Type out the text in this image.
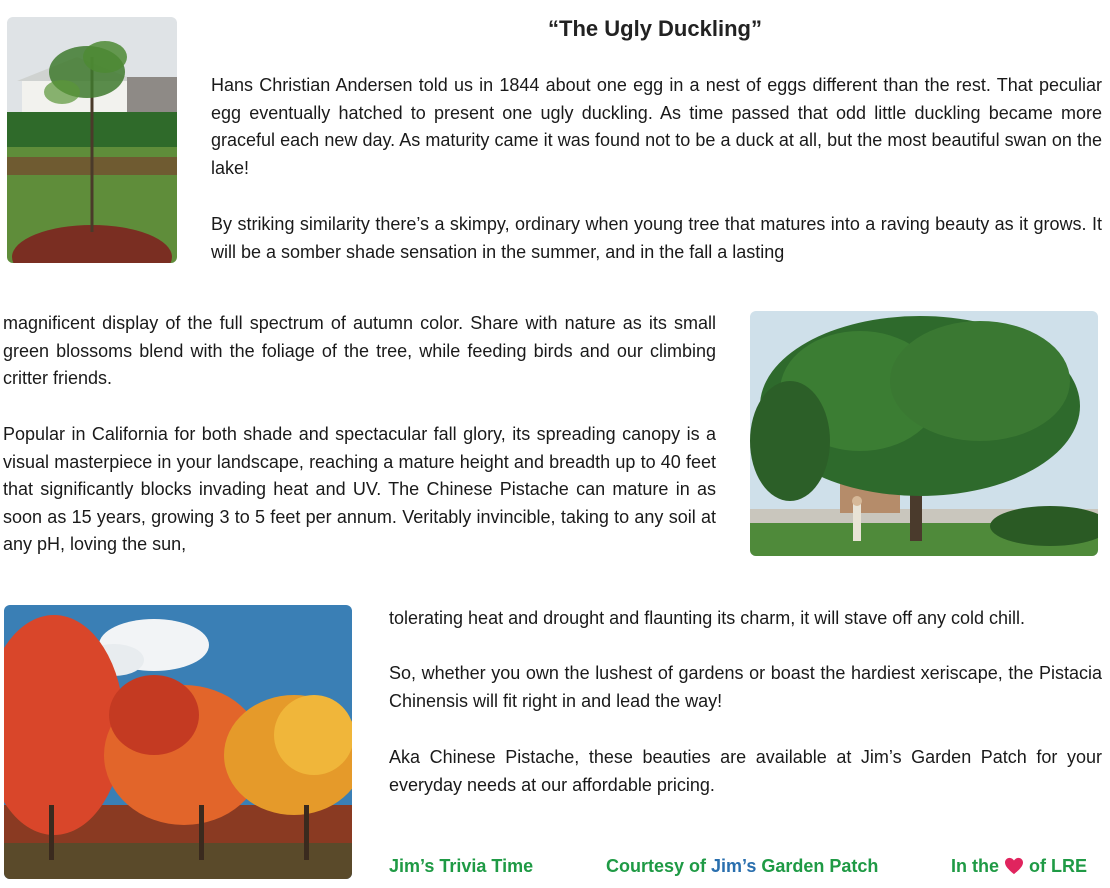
“The Ugly Duckling”

Hans Christian Andersen told us in 1844 about one egg in a nest of eggs different than the rest. That peculiar egg eventually hatched to present one ugly duckling. As time passed that odd little duckling became more graceful each new day. As maturity came it was found not to be a duck at all, but the most beautiful swan on the lake!

By striking similarity there’s a skimpy, ordinary when young tree that matures into a raving beauty as it grows. It will be a somber shade sensation in the summer, and in the fall a lasting

magnificent display of the full spectrum of autumn color. Share with nature as its small green blossoms blend with the foliage of the tree, while feeding birds and our climbing critter friends.

Popular in California for both shade and spectacular fall glory, its spreading canopy is a visual masterpiece in your landscape, reaching a mature height and breadth up to 40 feet that significantly blocks invading heat and UV. The Chinese Pistache can mature in as soon as 15 years, growing 3 to 5 feet per annum. Veritably invincible, taking to any soil at any pH, loving the sun,

tolerating heat and drought and flaunting its charm, it will stave off any cold chill.

So, whether you own the lushest of gardens or boast the hardiest xeriscape, the Pistacia Chinensis will fit right in and lead the way!

Aka Chinese Pistache, these beauties are available at Jim’s Garden Patch for your everyday needs at our affordable pricing.

Jim’s Trivia Time	Courtesy of Jim’s Garden Patch	In the of LRE
